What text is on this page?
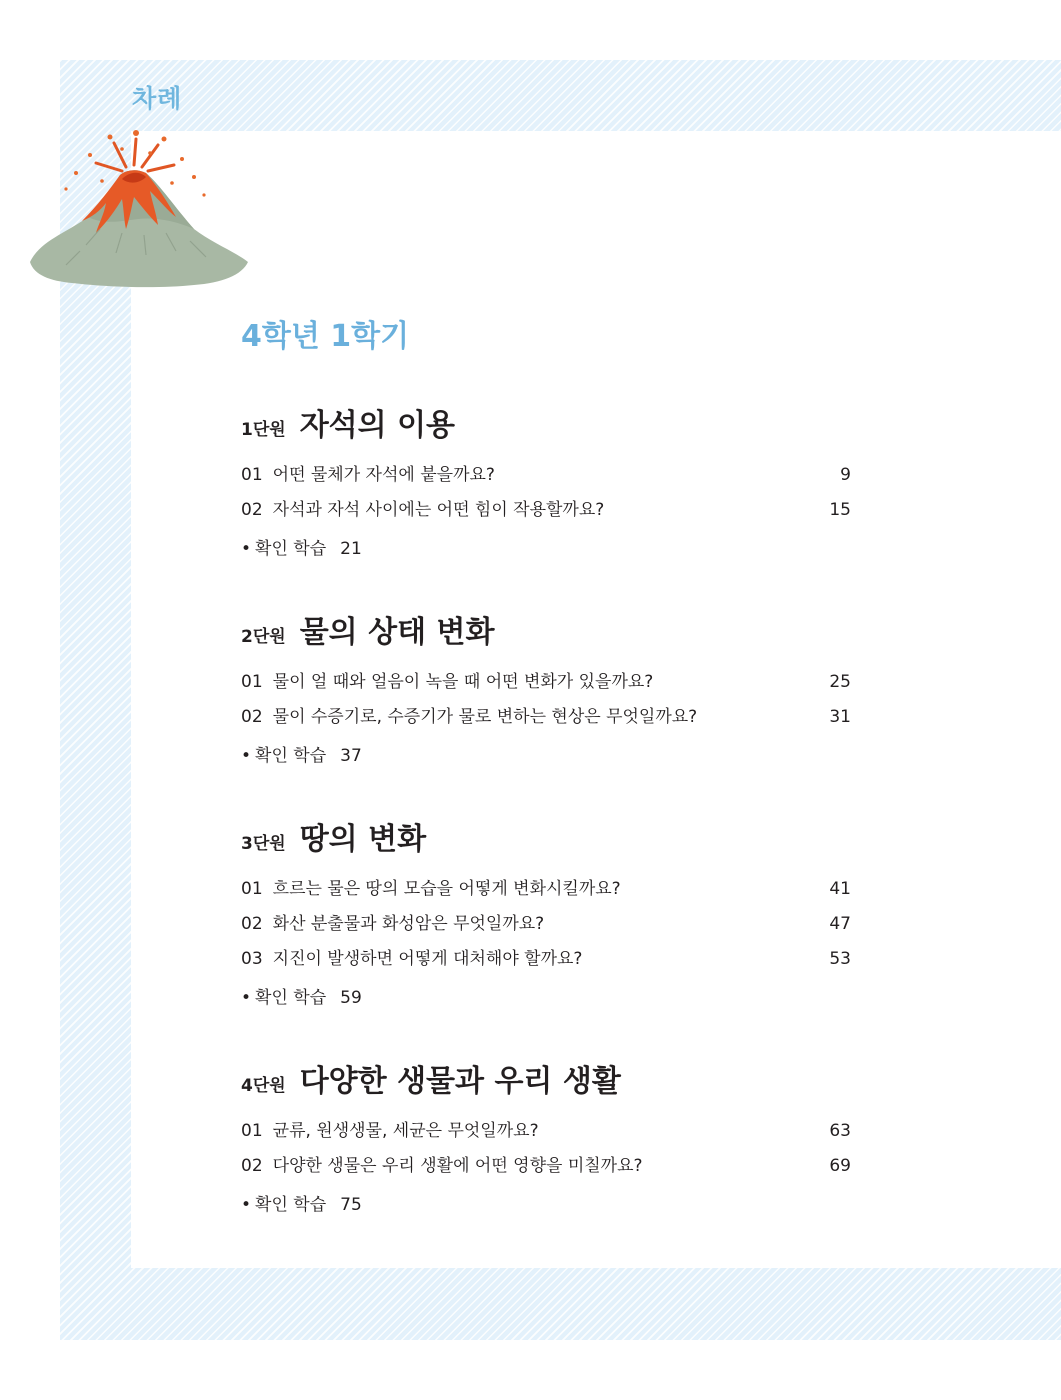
차례
4학년 1학기
1단원 자석의 이용
01 어떤 물체가 자석에 붙을까요?	9
02 자석과 자석 사이에는 어떤 힘이 작용할까요?	15
• 확인 학습 21
2단원 물의 상태 변화
01 물이 얼 때와 얼음이 녹을 때 어떤 변화가 있을까요?	25
02 물이 수증기로, 수증기가 물로 변하는 현상은 무엇일까요?	31
• 확인 학습 37
3단원 땅의 변화
01 흐르는 물은 땅의 모습을 어떻게 변화시킬까요?	41
02 화산 분출물과 화성암은 무엇일까요?	47
03 지진이 발생하면 어떻게 대처해야 할까요?	53
• 확인 학습 59
4단원 다양한 생물과 우리 생활
01 균류, 원생생물, 세균은 무엇일까요?	63
02 다양한 생물은 우리 생활에 어떤 영향을 미칠까요?	69
• 확인 학습 75
